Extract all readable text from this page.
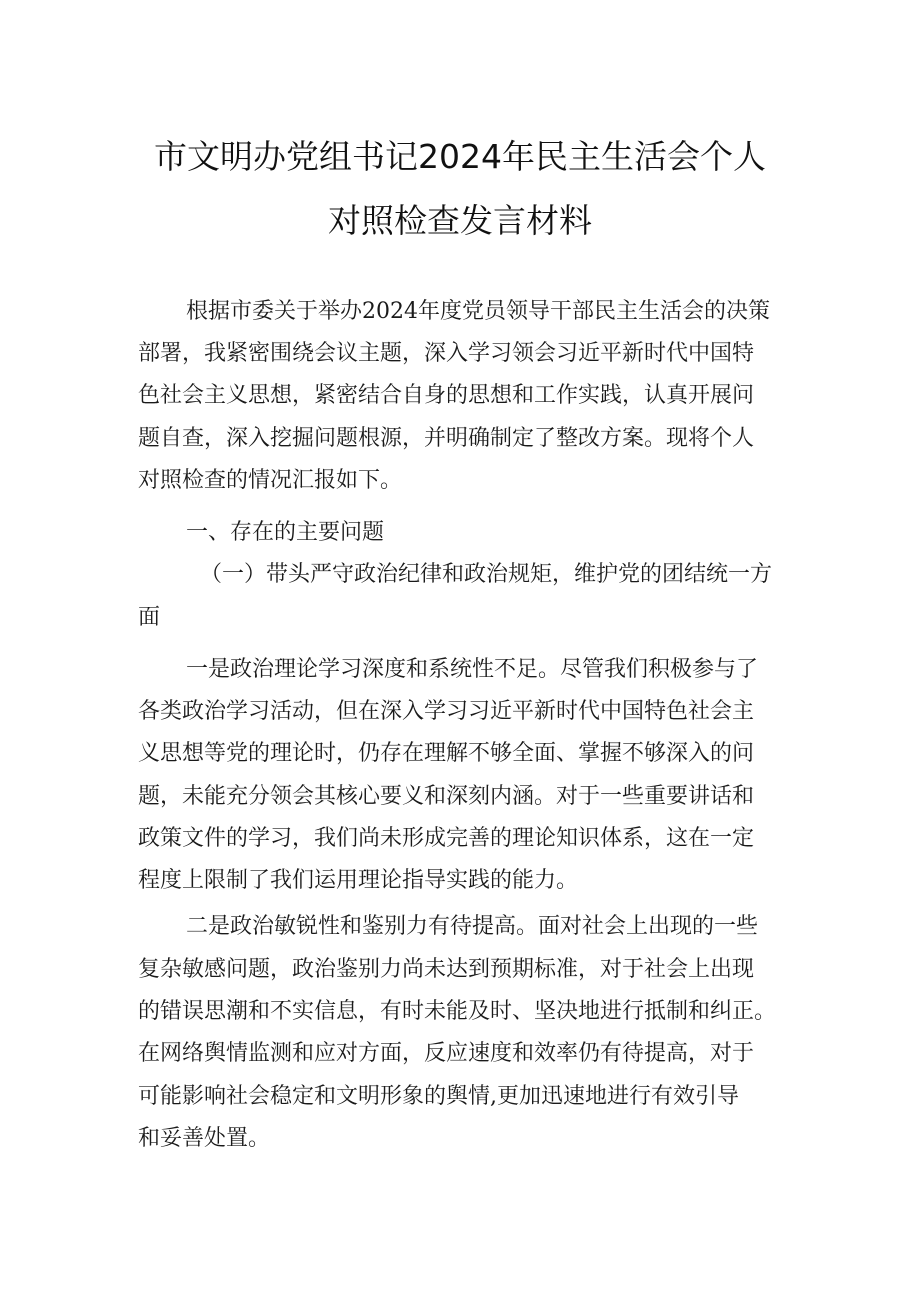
市文明办党组书记2024年民主生活会个人
对照检查发言材料
根据市委关于举办2024年度党员领导干部民主生活会的决策
部署，我紧密围绕会议主题，深入学习领会习近平新时代中国特
色社会主义思想，紧密结合自身的思想和工作实践，认真开展问
题自查，深入挖掘问题根源，并明确制定了整改方案。现将个人
对照检查的情况汇报如下。
一、存在的主要问题
（一）带头严守政治纪律和政治规矩，维护党的团结统一方
面
一是政治理论学习深度和系统性不足。尽管我们积极参与了
各类政治学习活动，但在深入学习习近平新时代中国特色社会主
义思想等党的理论时，仍存在理解不够全面、掌握不够深入的问
题，未能充分领会其核心要义和深刻内涵。对于一些重要讲话和
政策文件的学习，我们尚未形成完善的理论知识体系，这在一定
程度上限制了我们运用理论指导实践的能力。
二是政治敏锐性和鉴别力有待提高。面对社会上出现的一些
复杂敏感问题，政治鉴别力尚未达到预期标准，对于社会上出现
的错误思潮和不实信息，有时未能及时、坚决地进行抵制和纠正。
在网络舆情监测和应对方面，反应速度和效率仍有待提高，对于
可能影响社会稳定和文明形象的舆情,更加迅速地进行有效引导
和妥善处置。
